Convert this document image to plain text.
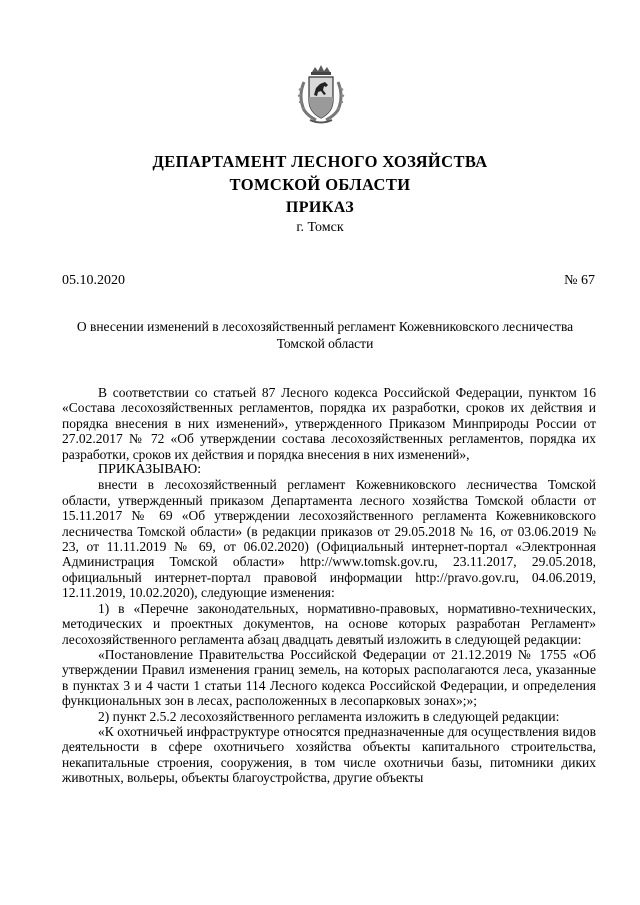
ДЕПАРТАМЕНТ ЛЕСНОГО ХОЗЯЙСТВА
ТОМСКОЙ ОБЛАСТИ
ПРИКАЗ
г. Томск
05.10.2020	№ 67
О внесении изменений в лесохозяйственный регламент Кожевниковского лесничества
Томской области

В соответствии со статьей 87 Лесного кодекса Российской Федерации, пунктом 16 «Состава лесохозяйственных регламентов, порядка их разработки, сроков их действия и порядка внесения в них изменений», утвержденного Приказом Минприроды России от 27.02.2017 № 72 «Об утверждении состава лесохозяйственных регламентов, порядка их разработки, сроков их действия и порядка внесения в них изменений»,

ПРИКАЗЫВАЮ:

внести в лесохозяйственный регламент Кожевниковского лесничества Томской области, утвержденный приказом Департамента лесного хозяйства Томской области от 15.11.2017 № 69 «Об утверждении лесохозяйственного регламента Кожевниковского лесничества Томской области» (в редакции приказов от 29.05.2018 № 16, от 03.06.2019 № 23, от 11.11.2019 № 69, от 06.02.2020) (Официальный интернет-портал «Электронная Администрация Томской области» http://www.tomsk.gov.ru, 23.11.2017, 29.05.2018, официальный интернет-портал правовой информации http://pravo.gov.ru, 04.06.2019, 12.11.2019, 10.02.2020), следующие изменения:

1) в «Перечне законодательных, нормативно-правовых, нормативно-технических, методических и проектных документов, на основе которых разработан Регламент» лесохозяйственного регламента абзац двадцать девятый изложить в следующей редакции:

«Постановление Правительства Российской Федерации от 21.12.2019 № 1755 «Об утверждении Правил изменения границ земель, на которых располагаются леса, указанные в пунктах 3 и 4 части 1 статьи 114 Лесного кодекса Российской Федерации, и определения функциональных зон в лесах, расположенных в лесопарковых зонах»;»;

2) пункт 2.5.2 лесохозяйственного регламента изложить в следующей редакции:

«К охотничьей инфраструктуре относятся предназначенные для осуществления видов деятельности в сфере охотничьего хозяйства объекты капитального строительства, некапитальные строения, сооружения, в том числе охотничьи базы, питомники диких животных, вольеры, объекты благоустройства, другие объекты
